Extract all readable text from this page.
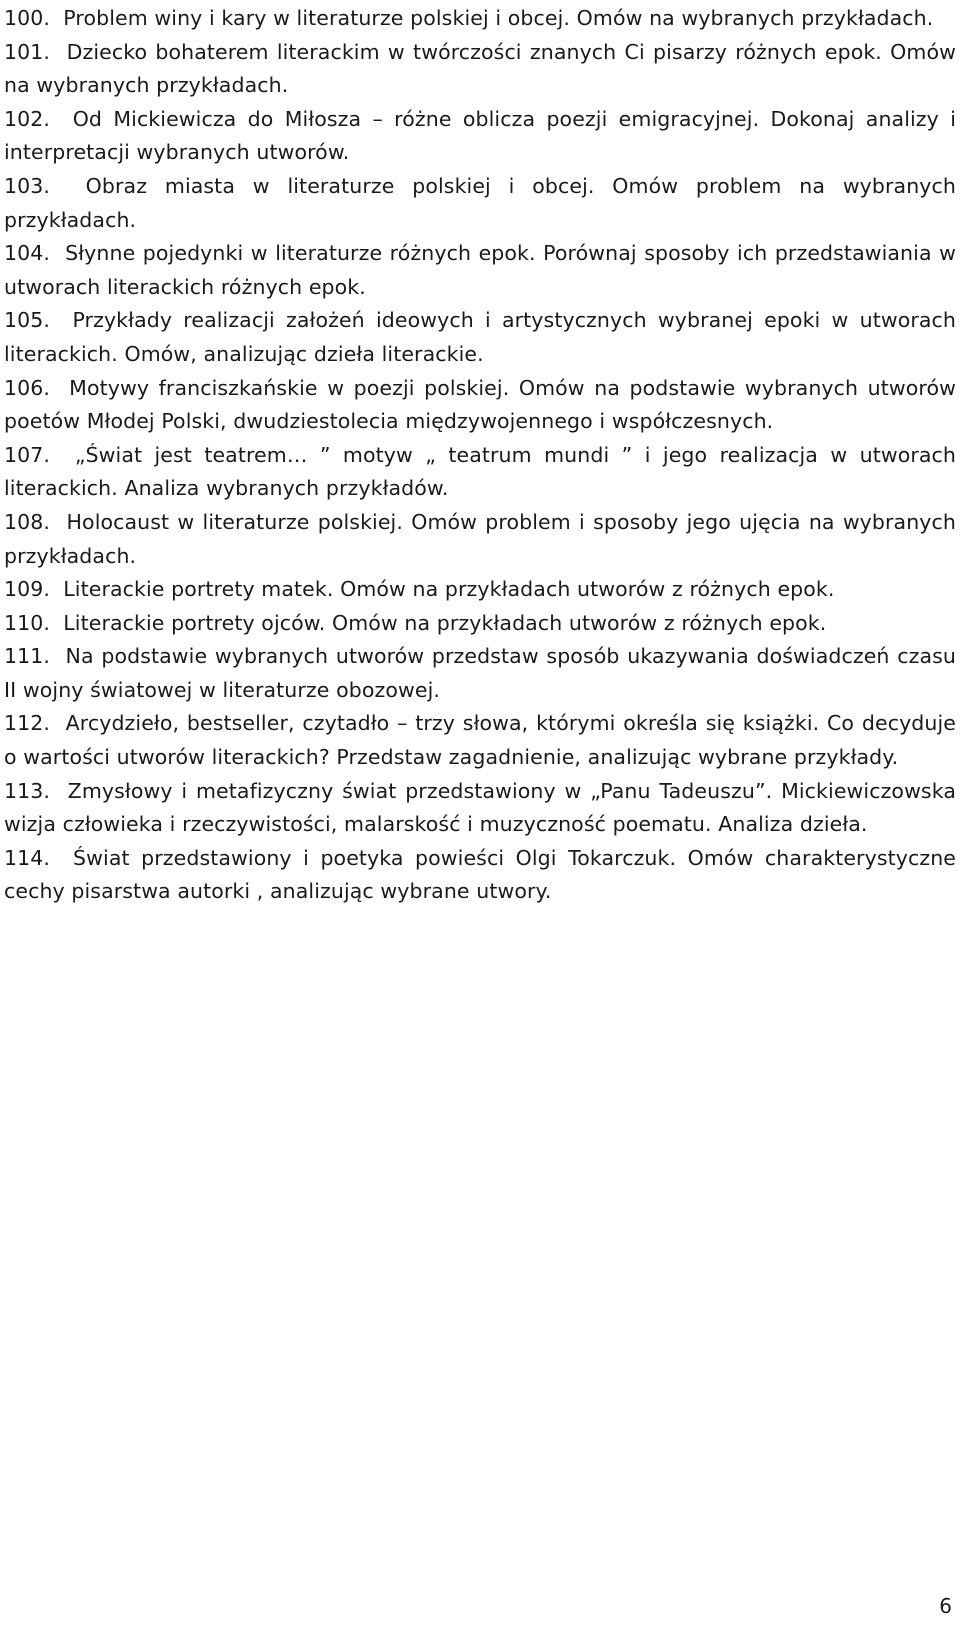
100. Problem winy i kary w literaturze polskiej i obcej. Omów na wybranych przykładach.

101. Dziecko bohaterem literackim w twórczości znanych Ci pisarzy różnych epok. Omów na wybranych przykładach.

102. Od Mickiewicza do Miłosza – różne oblicza poezji emigracyjnej. Dokonaj analizy i interpretacji wybranych utworów.

103. Obraz miasta w literaturze polskiej i obcej. Omów problem na wybranych przykładach.

104. Słynne pojedynki w literaturze różnych epok. Porównaj sposoby ich przedstawiania w utworach literackich różnych epok.

105. Przykłady realizacji założeń ideowych i artystycznych wybranej epoki w utworach literackich. Omów, analizując dzieła literackie.

106. Motywy franciszkańskie w poezji polskiej. Omów na podstawie wybranych utworów poetów Młodej Polski, dwudziestolecia międzywojennego i współczesnych.

107. „Świat jest teatrem… ” motyw „ teatrum mundi ” i jego realizacja w utworach literackich. Analiza wybranych przykładów.

108. Holocaust w literaturze polskiej. Omów problem i sposoby jego ujęcia na wybranych przykładach.

109. Literackie portrety matek. Omów na przykładach utworów z różnych epok.

110. Literackie portrety ojców. Omów na przykładach utworów z różnych epok.

111. Na podstawie wybranych utworów przedstaw sposób ukazywania doświadczeń czasu II wojny światowej w literaturze obozowej.

112. Arcydzieło, bestseller, czytadło – trzy słowa, którymi określa się książki. Co decyduje o wartości utworów literackich? Przedstaw zagadnienie, analizując wybrane przykłady.

113. Zmysłowy i metafizyczny świat przedstawiony w „Panu Tadeuszu”. Mickiewiczowska wizja człowieka i rzeczywistości, malarskość i muzyczność poematu. Analiza dzieła.

114. Świat przedstawiony i poetyka powieści Olgi Tokarczuk. Omów charakterystyczne cechy pisarstwa autorki , analizując wybrane utwory.

6
